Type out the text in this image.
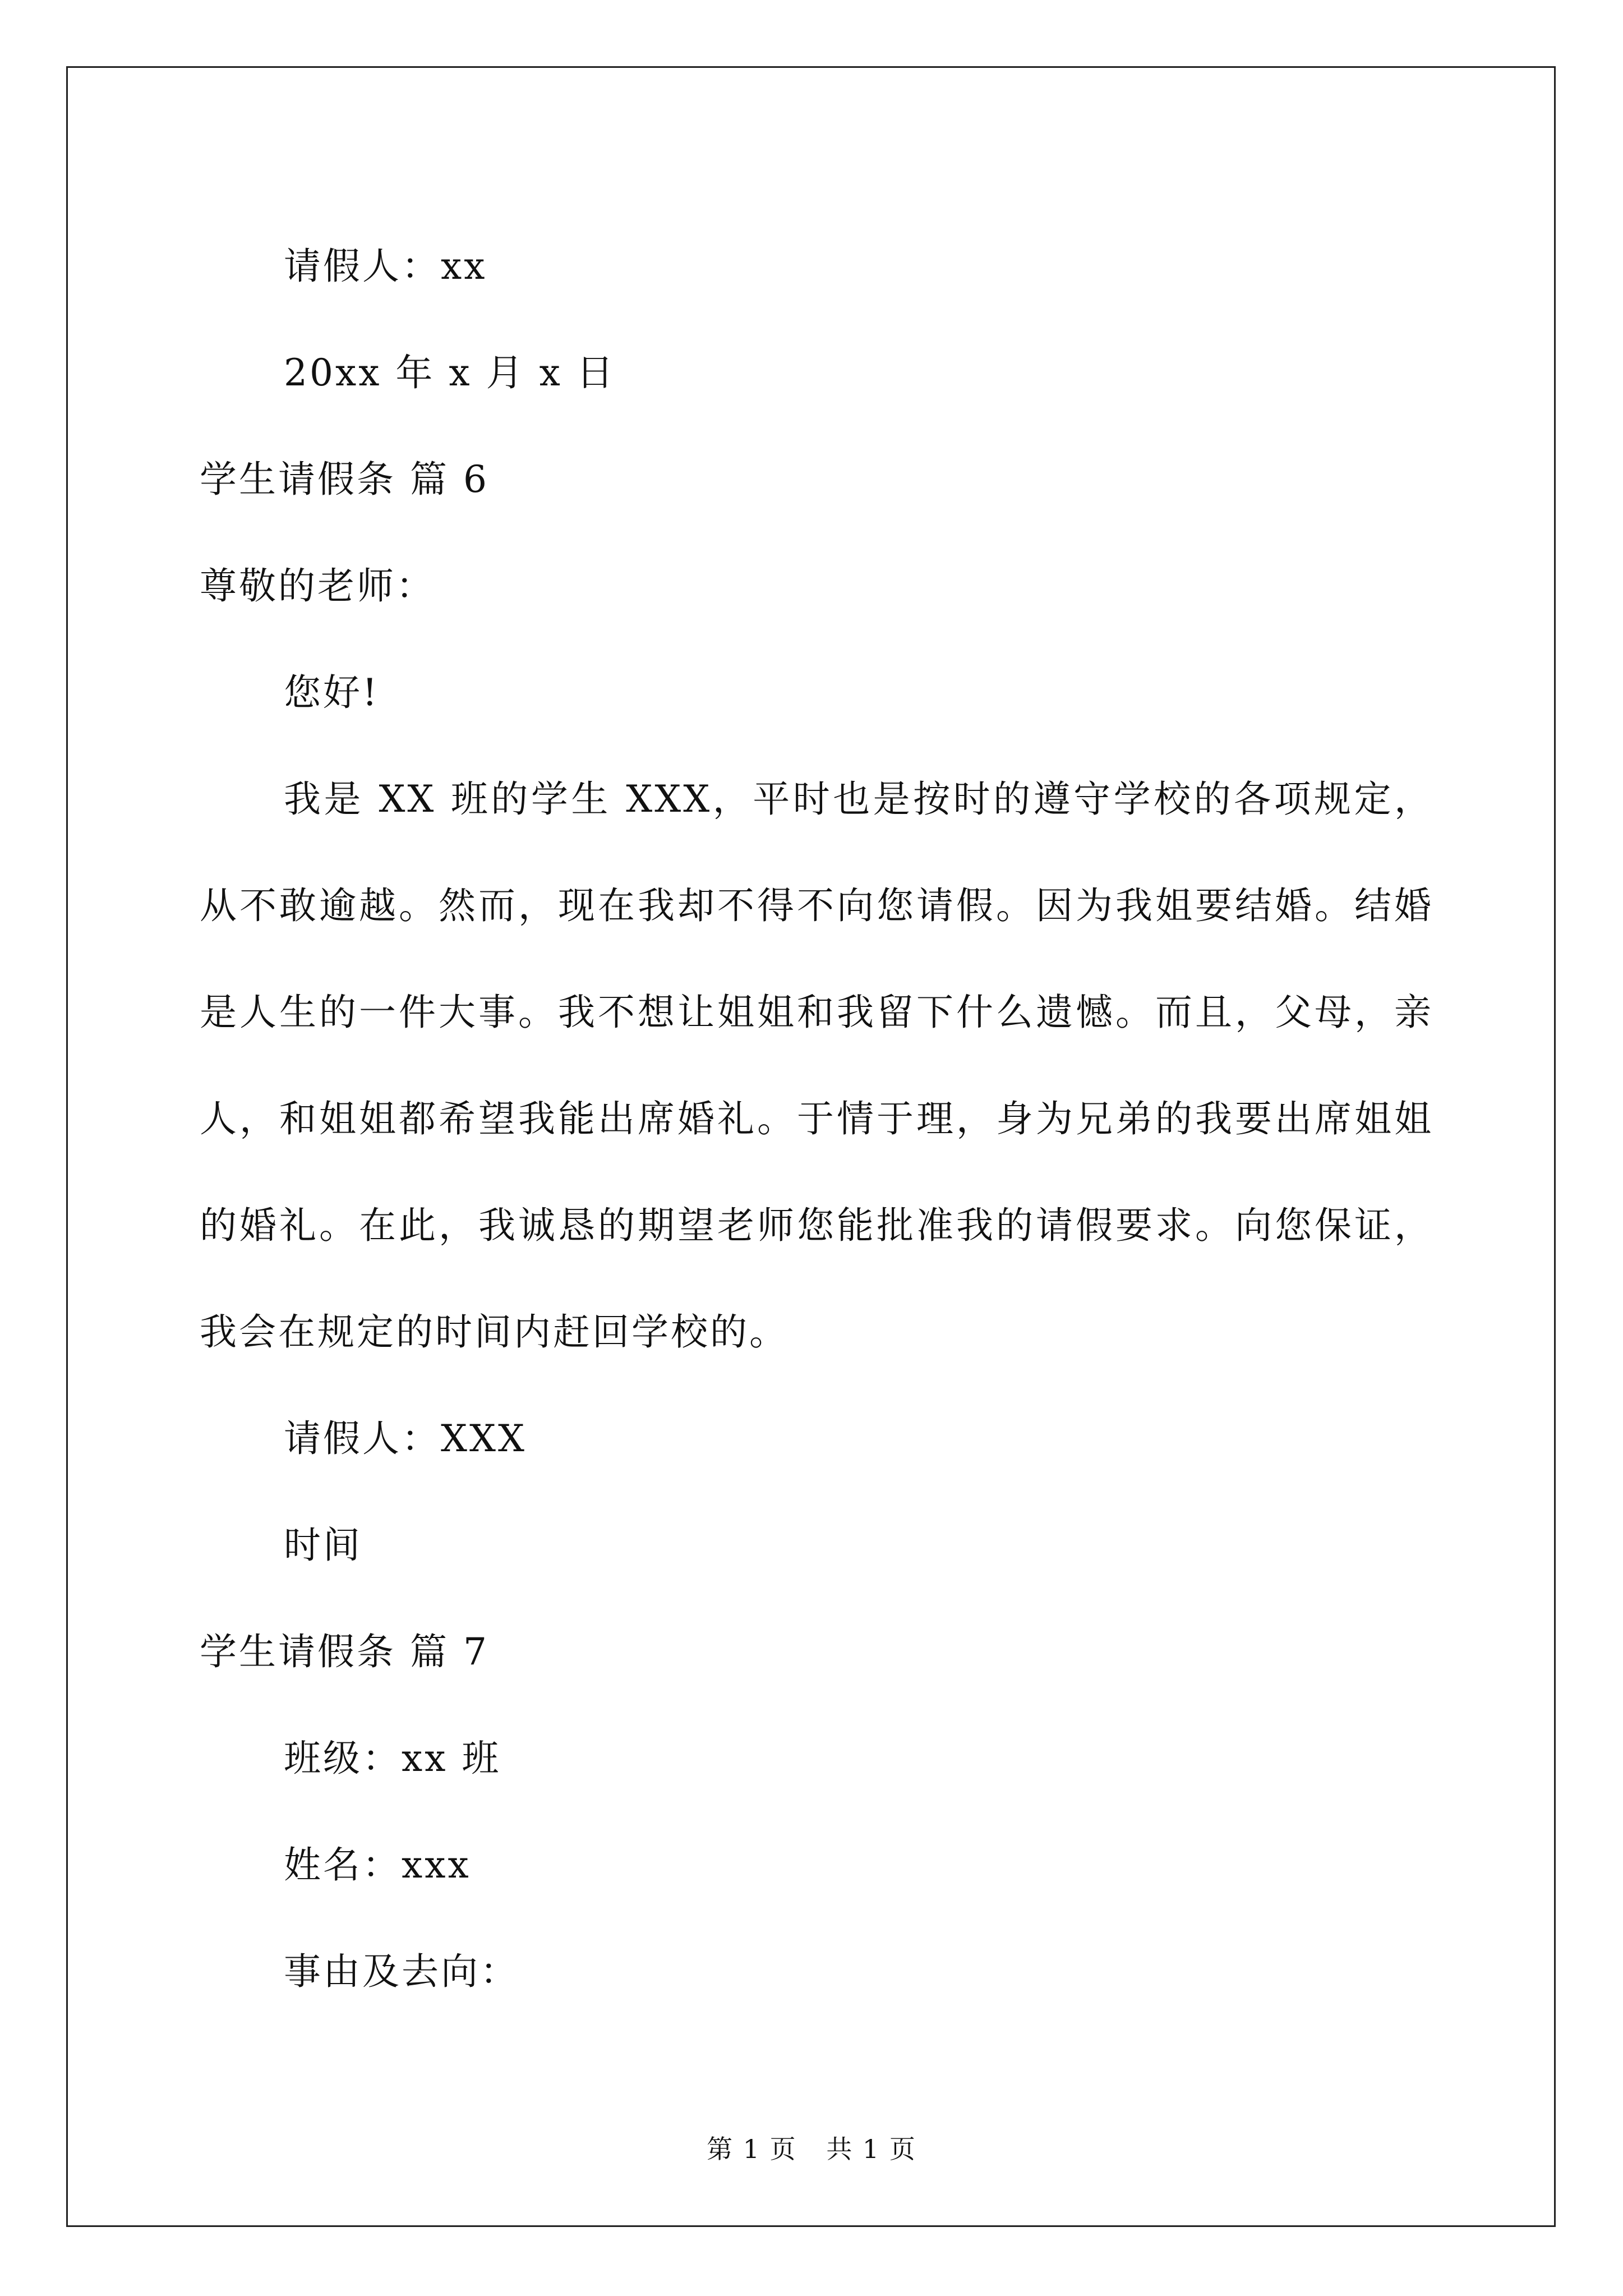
请假人：xx
20xx 年 x 月 x 日
学生请假条 篇 6
尊敬的老师：
您好!
我是 XX 班的学生 XXX，平时也是按时的遵守学校的各项规定，从不敢逾越。然而，现在我却不得不向您请假。因为我姐要结婚。结婚是人生的一件大事。我不想让姐姐和我留下什么遗憾。而且，父母，亲人，和姐姐都希望我能出席婚礼。于情于理，身为兄弟的我要出席姐姐的婚礼。在此，我诚恳的期望老师您能批准我的请假要求。向您保证，我会在规定的时间内赶回学校的。
请假人：XXX
时间
学生请假条 篇 7
班级：xx 班
姓名：xxx
事由及去向：
第 1 页 共 1 页
